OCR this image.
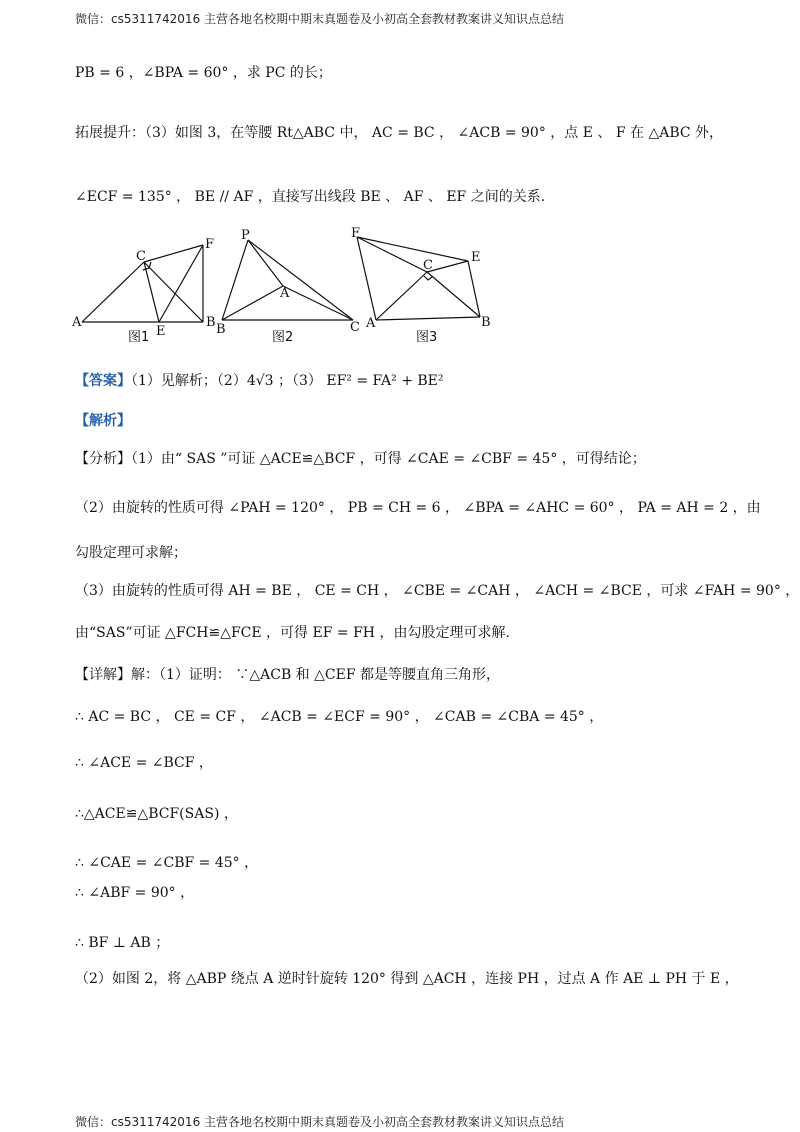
微信：cs5311742016 主营各地名校期中期末真题卷及小初高全套教材教案讲义知识点总结
PB = 6 ，∠BPA = 60° ，求 PC 的长；
拓展提升：（3）如图 3，在等腰 Rt△ABC 中， AC = BC ， ∠ACB = 90° ，点 E 、 F 在 △ABC 外，
∠ECF = 135° ， BE // AF ，直接写出线段 BE 、 AF 、 EF 之间的关系.
A	B
C
E
F
图1
P
A
B	C
图2
F
E
C
A	B
图3
【答案】（1）见解析；（2）4√3 ；（3） EF² = FA² + BE²
【解析】
【分析】（1）由“ SAS ”可证 △ACE≌△BCF ，可得 ∠CAE = ∠CBF = 45° ，可得结论；
（2）由旋转的性质可得 ∠PAH = 120° ， PB = CH = 6 ， ∠BPA = ∠AHC = 60° ， PA = AH = 2 ，由
勾股定理可求解；
（3）由旋转的性质可得 AH = BE ， CE = CH ， ∠CBE = ∠CAH ， ∠ACH = ∠BCE ，可求 ∠FAH = 90° ，
由“SAS”可证 △FCH≌△FCE ，可得 EF = FH ，由勾股定理可求解.
【详解】解：（1）证明： ∵△ACB 和 △CEF 都是等腰直角三角形，
∴ AC = BC ， CE = CF ， ∠ACB = ∠ECF = 90° ， ∠CAB = ∠CBA = 45° ，
∴ ∠ACE = ∠BCF ，
∴△ACE≌△BCF(SAS) ，
∴ ∠CAE = ∠CBF = 45° ，
∴ ∠ABF = 90° ，
∴ BF ⊥ AB ；
（2）如图 2，将 △ABP 绕点 A 逆时针旋转 120° 得到 △ACH ，连接 PH ，过点 A 作 AE ⊥ PH 于 E ，
微信：cs5311742016 主营各地名校期中期末真题卷及小初高全套教材教案讲义知识点总结
